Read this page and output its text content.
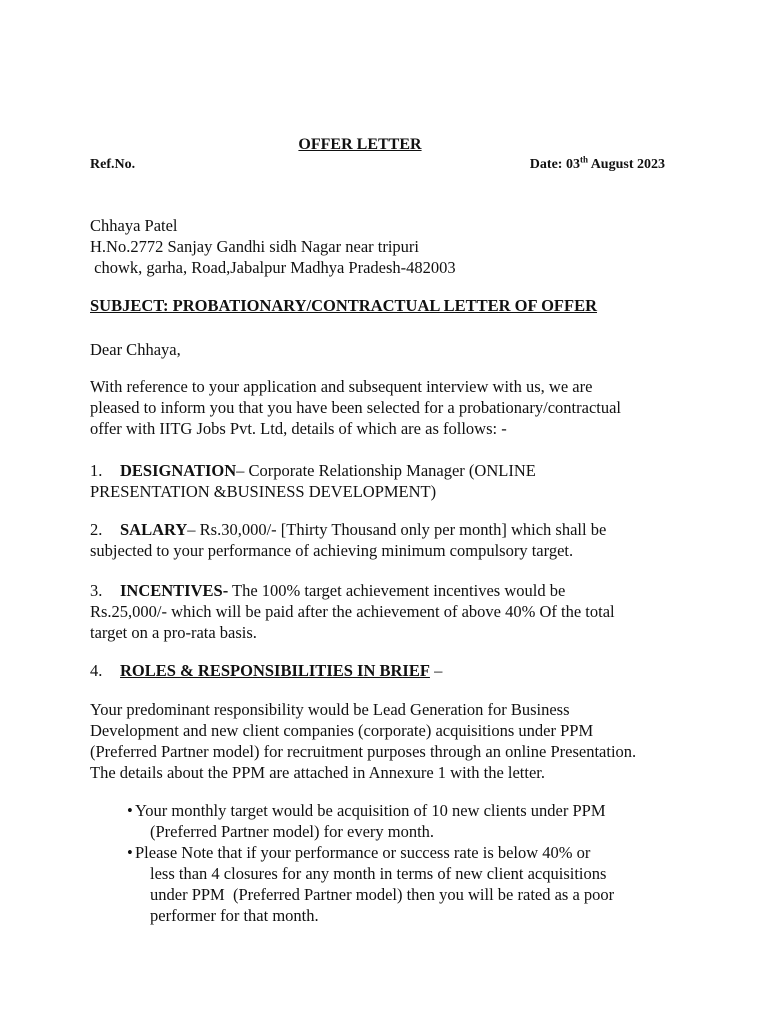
OFFER LETTER
Ref.No.	Date: 03th August 2023
Chhaya Patel
H.No.2772 Sanjay Gandhi sidh Nagar near tripuri
chowk, garha, Road,Jabalpur Madhya Pradesh-482003
SUBJECT: PROBATIONARY/CONTRACTUAL LETTER OF OFFER
Dear Chhaya,
With reference to your application and subsequent interview with us, we are
pleased to inform you that you have been selected for a probationary/contractual
offer with IITG Jobs Pvt. Ltd, details of which are as follows: -
1. DESIGNATION– Corporate Relationship Manager (ONLINE
PRESENTATION &BUSINESS DEVELOPMENT)
2. SALARY– Rs.30,000/- [Thirty Thousand only per month] which shall be
subjected to your performance of achieving minimum compulsory target.
3. INCENTIVES- The 100% target achievement incentives would be
Rs.25,000/- which will be paid after the achievement of above 40% Of the total
target on a pro-rata basis.
4. ROLES & RESPONSIBILITIES IN BRIEF –
Your predominant responsibility would be Lead Generation for Business
Development and new client companies (corporate) acquisitions under PPM
(Preferred Partner model) for recruitment purposes through an online Presentation.
The details about the PPM are attached in Annexure 1 with the letter.
• Your monthly target would be acquisition of 10 new clients under PPM
(Preferred Partner model) for every month.
• Please Note that if your performance or success rate is below 40% or
less than 4 closures for any month in terms of new client acquisitions
under PPM  (Preferred Partner model) then you will be rated as a poor
performer for that month.
